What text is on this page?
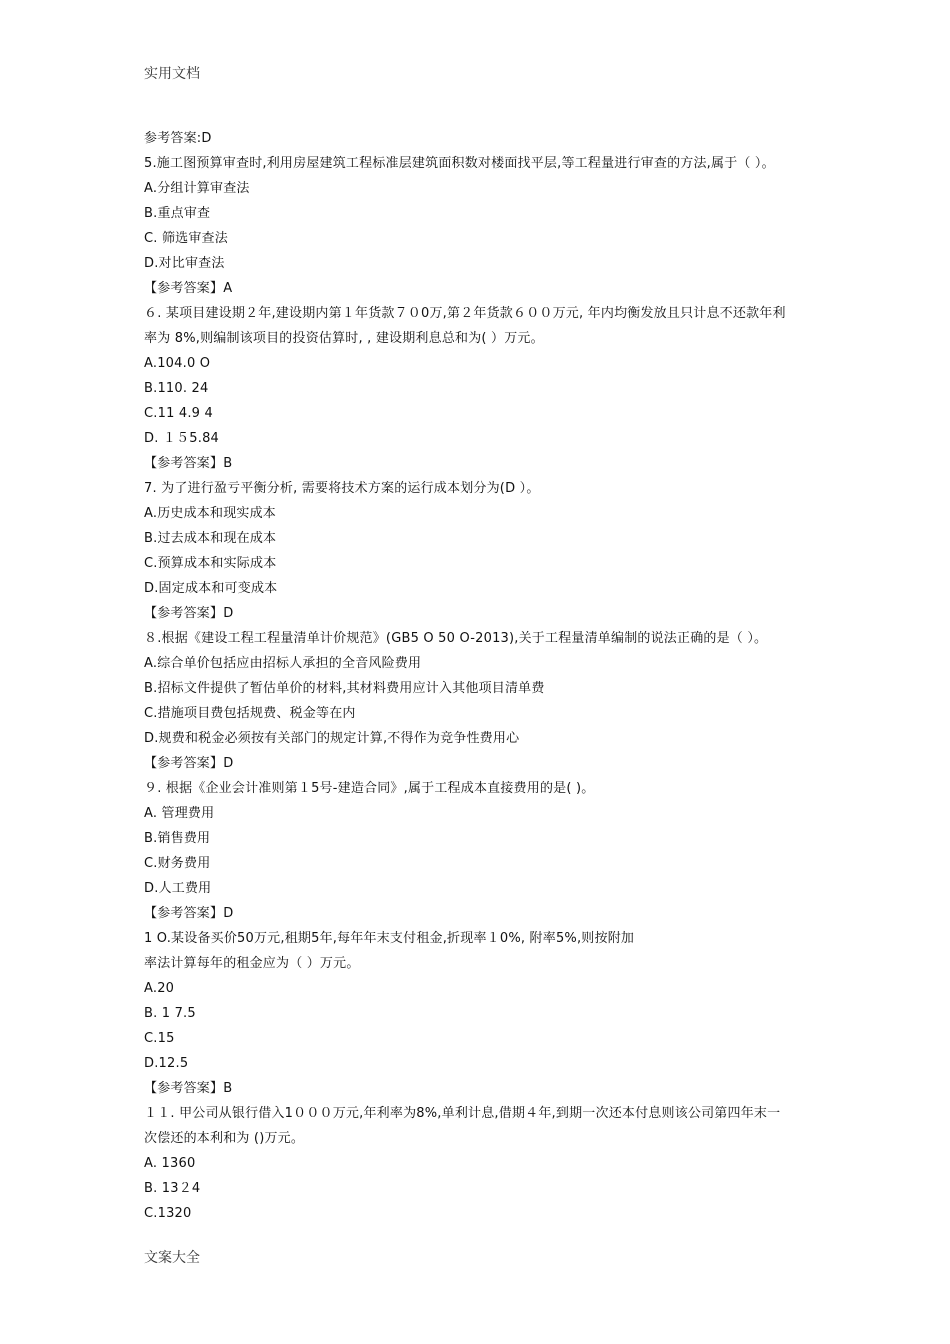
实用文档
参考答案:D
5.施工图预算审查时,利用房屋建筑工程标准层建筑面积数对楼面找平层,等工程量进行审查的方法,属于（ ）。
A.分组计算审查法
B.重点审查
C. 筛选审查法
D.对比审查法
【参考答案】A
６. 某项目建设期２年,建设期内第１年货款７０0万,第２年货款６００万元, 年内均衡发放且只计息不还款年利
率为 8%,则编制该项目的投资估算时, , 建设期利息总和为( ）万元。
A.104.0 O
B.110. 24
C.11 4.9 4
D. １５5.84
【参考答案】B
7. 为了进行盈亏平衡分析, 需要将技术方案的运行成本划分为(D ）。
A.历史成本和现实成本
B.过去成本和现在成本
C.预算成本和实际成本
D.固定成本和可变成本
【参考答案】D
８.根据《建设工程工程量清单计价规范》(GB5 O 50 O-2013),关于工程量清单编制的说法正确的是（ ）。
A.综合单价包括应由招标人承担的全音风险费用
B.招标文件提供了暂估单价的材料,其材料费用应计入其他项目清单费
C.措施项目费包括规费、税金等在内
D.规费和税金必须按有关部门的规定计算,不得作为竞争性费用心
【参考答案】D
９. 根据《企业会计准则第１5号-建造合同》,属于工程成本直接费用的是( )。
A. 管理费用
B.销售费用
C.财务费用
D.人工费用
【参考答案】D
1 O.某设备买价50万元,租期5年,每年年末支付租金,折现率１0%, 附率5%,则按附加
率法计算每年的租金应为（ ）万元。
A.20
B. 1 7.5
C.15
D.12.5
【参考答案】B
１１. 甲公司从银行借入1０００万元,年利率为8%,单利计息,借期４年,到期一次还本付息则该公司第四年末一
次偿还的本利和为 ()万元。
A. 1360
B. 13２4
C.1320
文案大全
